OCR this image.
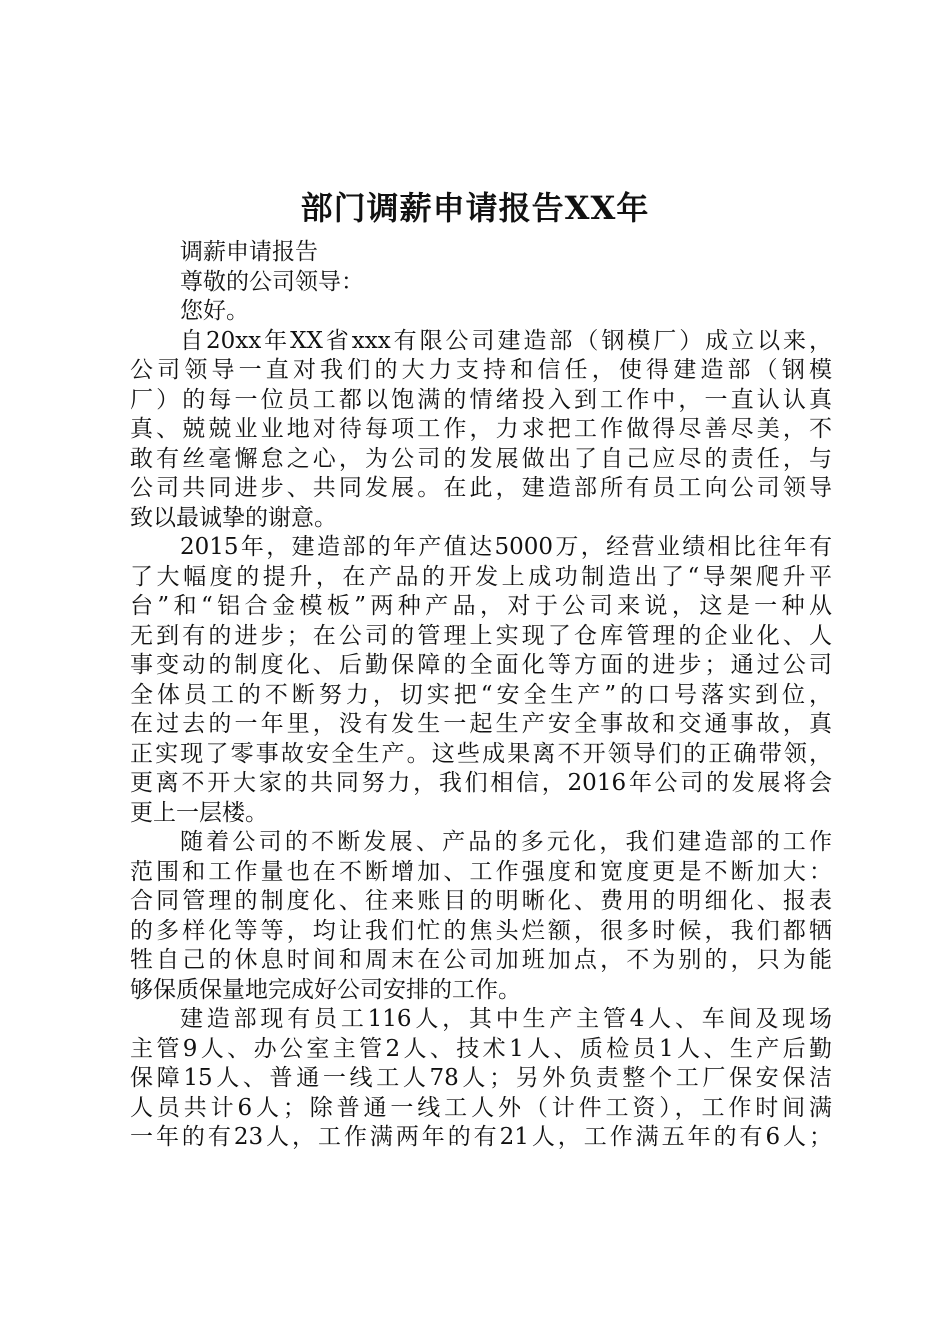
部门调薪申请报告XX年
调薪申请报告
尊敬的公司领导：
您好。
自20xx年XX省xxx有限公司建造部（钢模厂）成立以来，
公司领导一直对我们的大力支持和信任，使得建造部（钢模
厂）的每一位员工都以饱满的情绪投入到工作中，一直认认真
真、兢兢业业地对待每项工作，力求把工作做得尽善尽美，不
敢有丝毫懈怠之心，为公司的发展做出了自己应尽的责任，与
公司共同进步、共同发展。在此，建造部所有员工向公司领导
致以最诚挚的谢意。
2015年，建造部的年产值达5000万，经营业绩相比往年有
了大幅度的提升，在产品的开发上成功制造出了“导架爬升平
台”和“铝合金模板”两种产品，对于公司来说，这是一种从
无到有的进步；在公司的管理上实现了仓库管理的企业化、人
事变动的制度化、后勤保障的全面化等方面的进步；通过公司
全体员工的不断努力，切实把“安全生产”的口号落实到位，
在过去的一年里，没有发生一起生产安全事故和交通事故，真
正实现了零事故安全生产。这些成果离不开领导们的正确带领，
更离不开大家的共同努力，我们相信，2016年公司的发展将会
更上一层楼。
随着公司的不断发展、产品的多元化，我们建造部的工作
范围和工作量也在不断增加、工作强度和宽度更是不断加大：
合同管理的制度化、往来账目的明晰化、费用的明细化、报表
的多样化等等，均让我们忙的焦头烂额，很多时候，我们都牺
牲自己的休息时间和周末在公司加班加点，不为别的，只为能
够保质保量地完成好公司安排的工作。
建造部现有员工116人，其中生产主管4人、车间及现场
主管9人、办公室主管2人、技术1人、质检员1人、生产后勤
保障15人、普通一线工人78人；另外负责整个工厂保安保洁
人员共计6人；除普通一线工人外（计件工资），工作时间满
一年的有23人，工作满两年的有21人，工作满五年的有6人；
